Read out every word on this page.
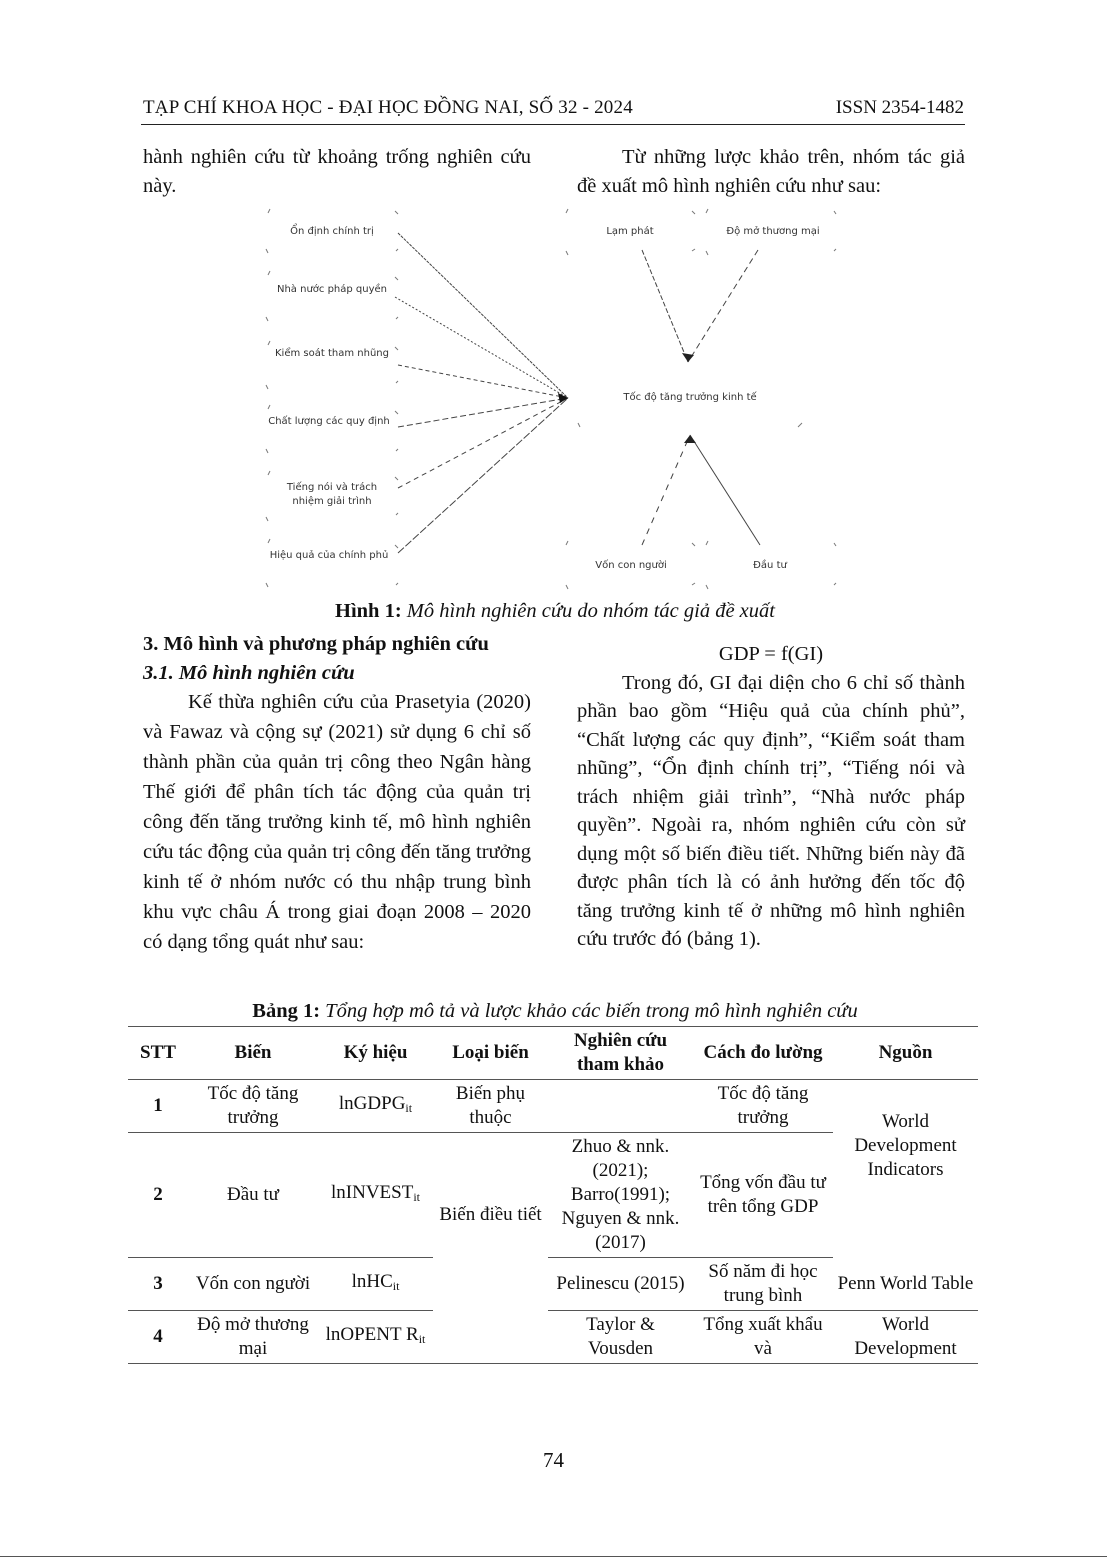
TẠP CHÍ KHOA HỌC - ĐẠI HỌC ĐỒNG NAI, SỐ 32 - 2024	ISSN 2354-1482

hành nghiên cứu từ khoảng trống nghiên cứu này.

Từ những lược khảo trên, nhóm tác giả đề xuất mô hình nghiên cứu như sau:

Ổn định chính trị
Nhà nước pháp quyền
Kiểm soát tham nhũng
Chất lượng các quy định
Tiếng nói và trách nhiệm giải trình
Hiệu quả của chính phủ
Tốc độ tăng trưởng kinh tế
Lạm phát	Độ mở thương mại
Vốn con người	Đầu tư
Hình 1: Mô hình nghiên cứu do nhóm tác giả đề xuất

3. Mô hình và phương pháp nghiên cứu

3.1. Mô hình nghiên cứu

Kế thừa nghiên cứu của Prasetyia (2020) và Fawaz và cộng sự (2021) sử dụng 6 chỉ số thành phần của quản trị công theo Ngân hàng Thế giới để phân tích tác động của quản trị công đến tăng trưởng kinh tế, mô hình nghiên cứu tác động của quản trị công đến tăng trưởng kinh tế ở nhóm nước có thu nhập trung bình khu vực châu Á trong giai đoạn 2008 – 2020 có dạng tổng quát như sau:

GDP = f(GI)

Trong đó, GI đại diện cho 6 chỉ số thành phần bao gồm “Hiệu quả của chính phủ”, “Chất lượng các quy định”, “Kiểm soát tham nhũng”, “Ổn định chính trị”, “Tiếng nói và trách nhiệm giải trình”, “Nhà nước pháp quyền”. Ngoài ra, nhóm nghiên cứu còn sử dụng một số biến điều tiết. Những biến này đã được phân tích là có ảnh hưởng đến tốc độ tăng trưởng kinh tế ở những mô hình nghiên cứu trước đó (bảng 1).

Bảng 1: Tổng hợp mô tả và lược khảo các biến trong mô hình nghiên cứu
STT	Biến	Ký hiệu	Loại biến	Nghiên cứu tham khảo	Cách đo lường	Nguồn
1	Tốc độ tăng trưởng	lnGDPG$_{it}$	Biến phụ thuộc		Tốc độ tăng trưởng	World Development Indicators
2	Đầu tư	lnINVEST$_{it}$	Biến điều tiết	Zhuo & nnk. (2021); Barro(1991); Nguyen & nnk. (2017)	Tổng vốn đầu tư trên tổng GDP	
3	Vốn con người	lnHC$_{it}$		Pelinescu (2015)	Số năm đi học trung bình	Penn World Table
4	Độ mở thương mại	lnOPENT $R_{it}$		Taylor & Vousden	Tổng xuất khẩu và	World Development
74
